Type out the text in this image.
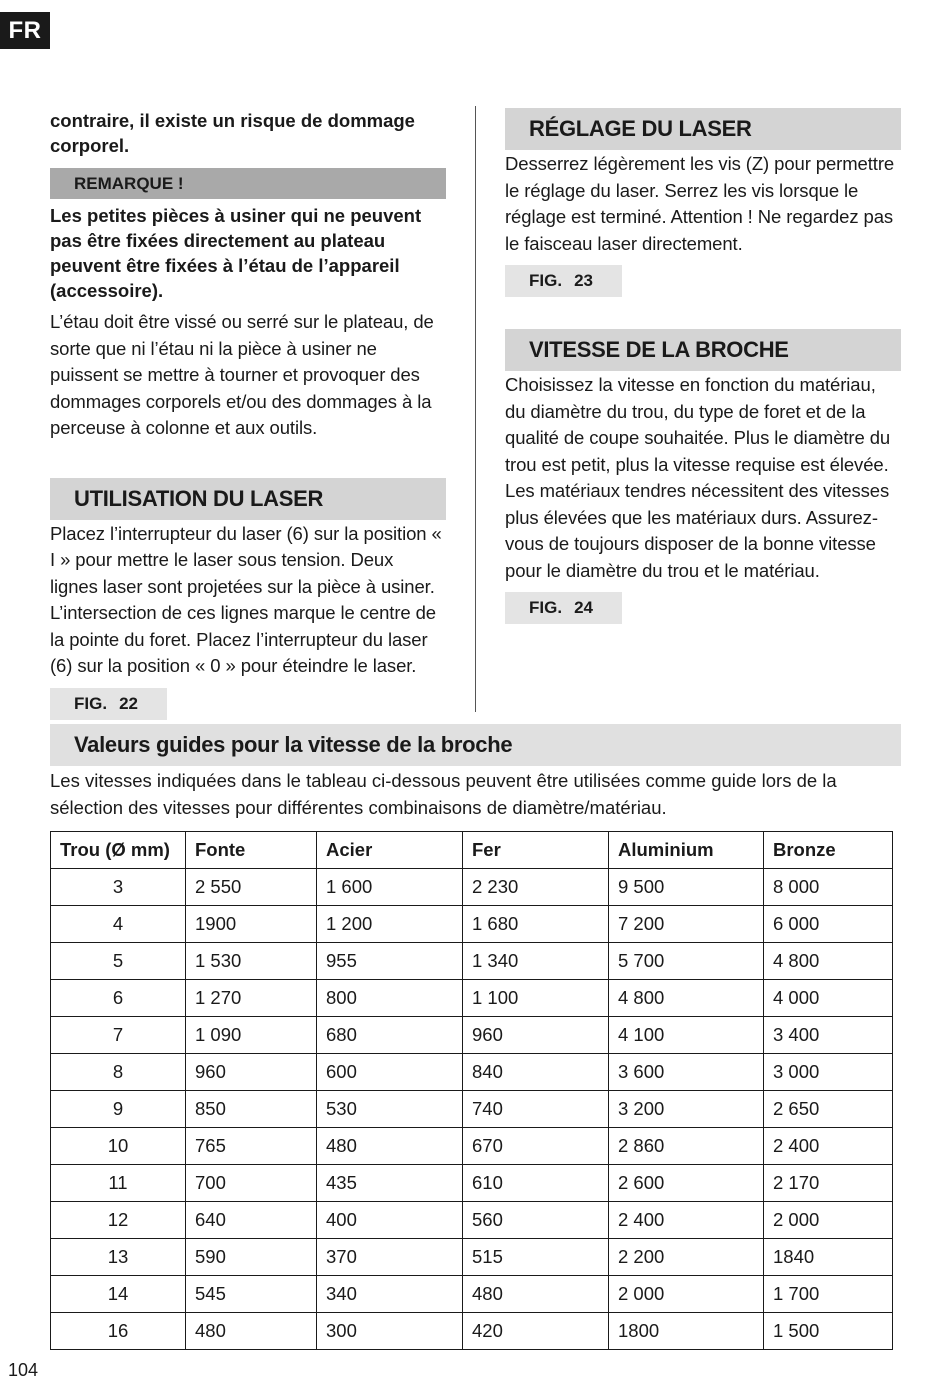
FR

contraire, il existe un risque de dommage corporel.

REMARQUE !

Les petites pièces à usiner qui ne peuvent pas être fixées directement au plateau peuvent être fixées à l’étau de l’appareil (accessoire).

L’étau doit être vissé ou serré sur le plateau, de sorte que ni l’étau ni la pièce à usiner ne puissent se mettre à tourner et provoquer des dommages corporels et/ou des dommages à la perceuse à colonne et aux outils.

UTILISATION DU LASER

Placez l’interrupteur du laser (6) sur la position « I » pour mettre le laser sous tension. Deux lignes laser sont projetées sur la pièce à usiner. L’intersection de ces lignes marque le centre de la pointe du foret. Placez l’interrupteur du laser (6) sur la position « 0 » pour éteindre le laser.

FIG. 22
RÉGLAGE DU LASER

Desserrez légèrement les vis (Z) pour permettre le réglage du laser. Serrez les vis lorsque le réglage est terminé. Attention ! Ne regardez pas le faisceau laser directement.

FIG. 23
VITESSE DE LA BROCHE

Choisissez la vitesse en fonction du matériau, du diamètre du trou, du type de foret et de la qualité de coupe souhaitée. Plus le diamètre du trou est petit, plus la vitesse requise est élevée. Les matériaux tendres nécessitent des vitesses plus élevées que les matériaux durs. Assurez-vous de toujours disposer de la bonne vitesse pour le diamètre du trou et le matériau.

FIG. 24
Valeurs guides pour la vitesse de la broche

Les vitesses indiquées dans le tableau ci-dessous peuvent être utilisées comme guide lors de la sélection des vitesses pour différentes combinaisons de diamètre/matériau.

Trou (Ø mm)	Fonte	Acier	Fer	Aluminium	Bronze
3	2 550	1 600	2 230	9 500	8 000
4	1900	1 200	1 680	7 200	6 000
5	1 530	955	1 340	5 700	4 800
6	1 270	800	1 100	4 800	4 000
7	1 090	680	960	4 100	3 400
8	960	600	840	3 600	3 000
9	850	530	740	3 200	2 650
10	765	480	670	2 860	2 400
11	700	435	610	2 600	2 170
12	640	400	560	2 400	2 000
13	590	370	515	2 200	1840
14	545	340	480	2 000	1 700
16	480	300	420	1800	1 500
104
